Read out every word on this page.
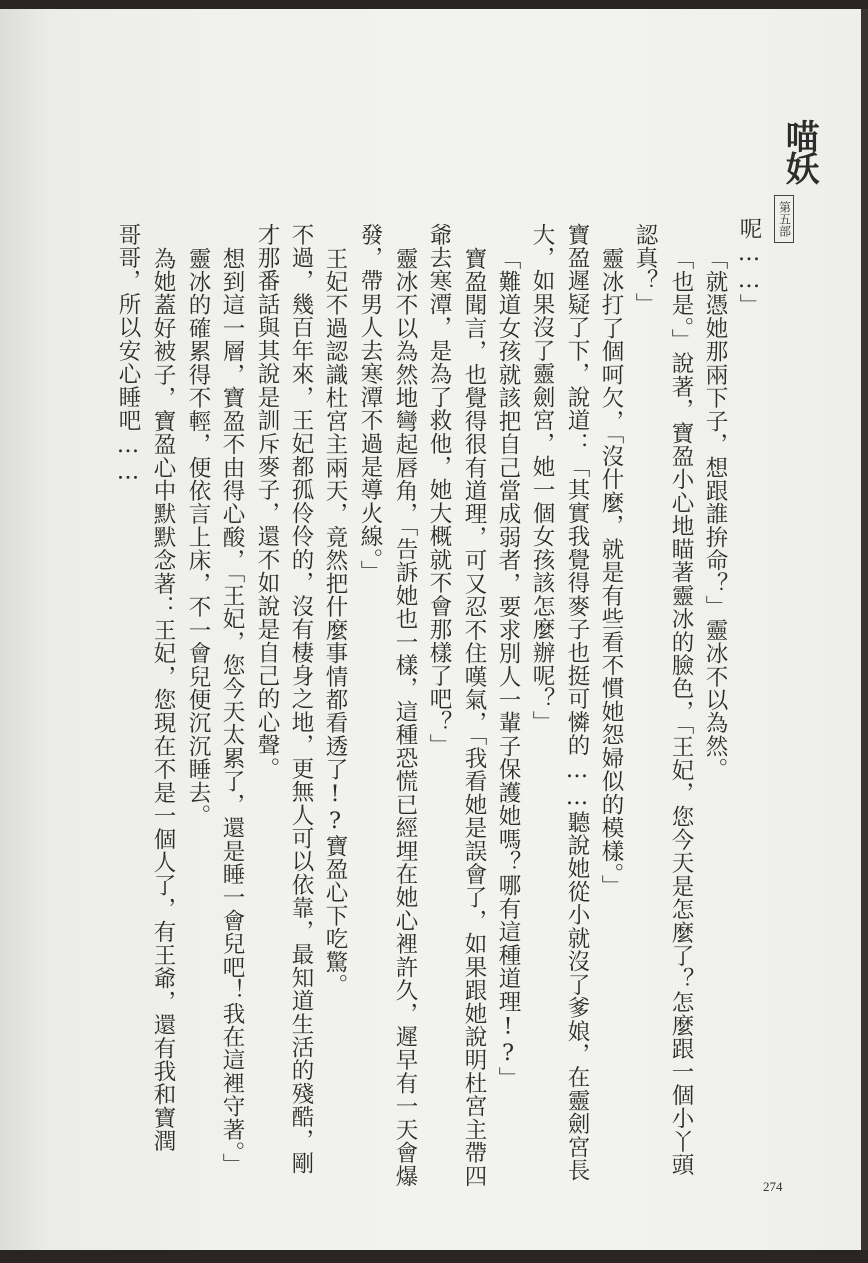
喵妖
第五部
呢……」
「就憑她那兩下子，想跟誰拚命？」靈冰不以為然。
「也是。」說著，寶盈小心地瞄著靈冰的臉色，「王妃，您今天是怎麼了？怎麼跟一個小丫頭
認真？」
靈冰打了個呵欠，「沒什麼，就是有些看不慣她怨婦似的模樣。」
寶盈遲疑了下，說道：「其實我覺得麥子也挺可憐的……聽說她從小就沒了爹娘，在靈劍宮長
大，如果沒了靈劍宮，她一個女孩該怎麼辦呢？」
「難道女孩就該把自己當成弱者，要求別人一輩子保護她嗎？哪有這種道理!?」
寶盈聞言，也覺得很有道理，可又忍不住嘆氣，「我看她是誤會了，如果跟她說明杜宮主帶四
爺去寒潭，是為了救他，她大概就不會那樣了吧？」
靈冰不以為然地彎起唇角，「告訴她也一樣，這種恐慌已經埋在她心裡許久，遲早有一天會爆
發，帶男人去寒潭不過是導火線。」
王妃不過認識杜宮主兩天，竟然把什麼事情都看透了!?寶盈心下吃驚。
不過，幾百年來，王妃都孤伶伶的，沒有棲身之地，更無人可以依靠，最知道生活的殘酷，剛
才那番話與其說是訓斥麥子，還不如說是自己的心聲。
想到這一層，寶盈不由得心酸，「王妃，您今天太累了，還是睡一會兒吧！我在這裡守著。」
靈冰的確累得不輕，便依言上床，不一會兒便沉沉睡去。
為她蓋好被子，寶盈心中默默念著：王妃，您現在不是一個人了，有王爺，還有我和寶潤
哥哥，所以安心睡吧……
274
